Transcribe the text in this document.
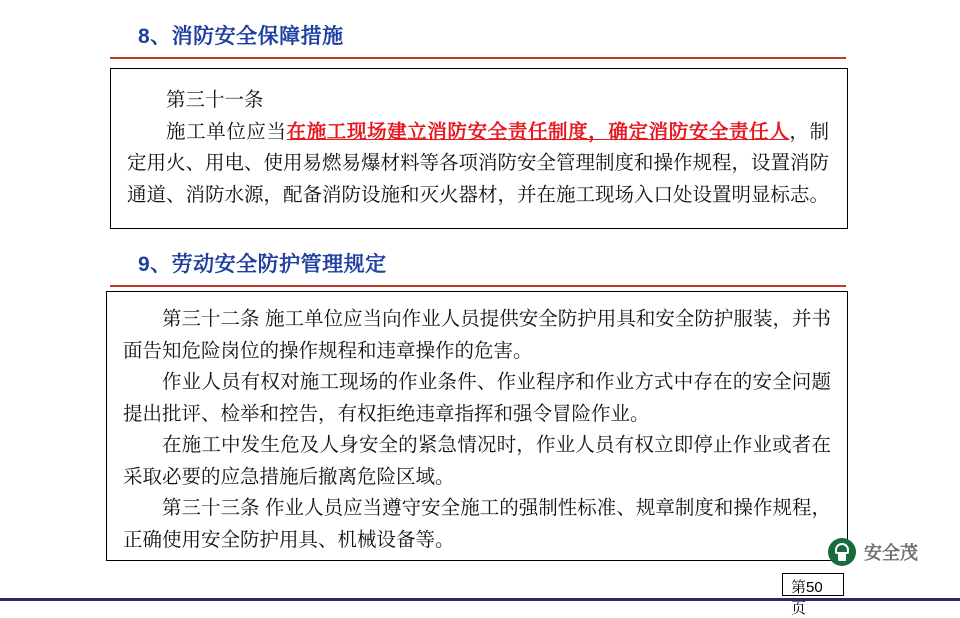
8、消防安全保障措施

第三十一条

施工单位应当在施工现场建立消防安全责任制度，确定消防安全责任人，制定用火、用电、使用易燃易爆材料等各项消防安全管理制度和操作规程，设置消防通道、消防水源，配备消防设施和灭火器材，并在施工现场入口处设置明显标志。

9、劳动安全防护管理规定

第三十二条 施工单位应当向作业人员提供安全防护用具和安全防护服装，并书面告知危险岗位的操作规程和违章操作的危害。

作业人员有权对施工现场的作业条件、作业程序和作业方式中存在的安全问题提出批评、检举和控告，有权拒绝违章指挥和强令冒险作业。

在施工中发生危及人身安全的紧急情况时，作业人员有权立即停止作业或者在采取必要的应急措施后撤离危险区域。

第三十三条 作业人员应当遵守安全施工的强制性标准、规章制度和操作规程，正确使用安全防护用具、机械设备等。

安全茂
第50页
